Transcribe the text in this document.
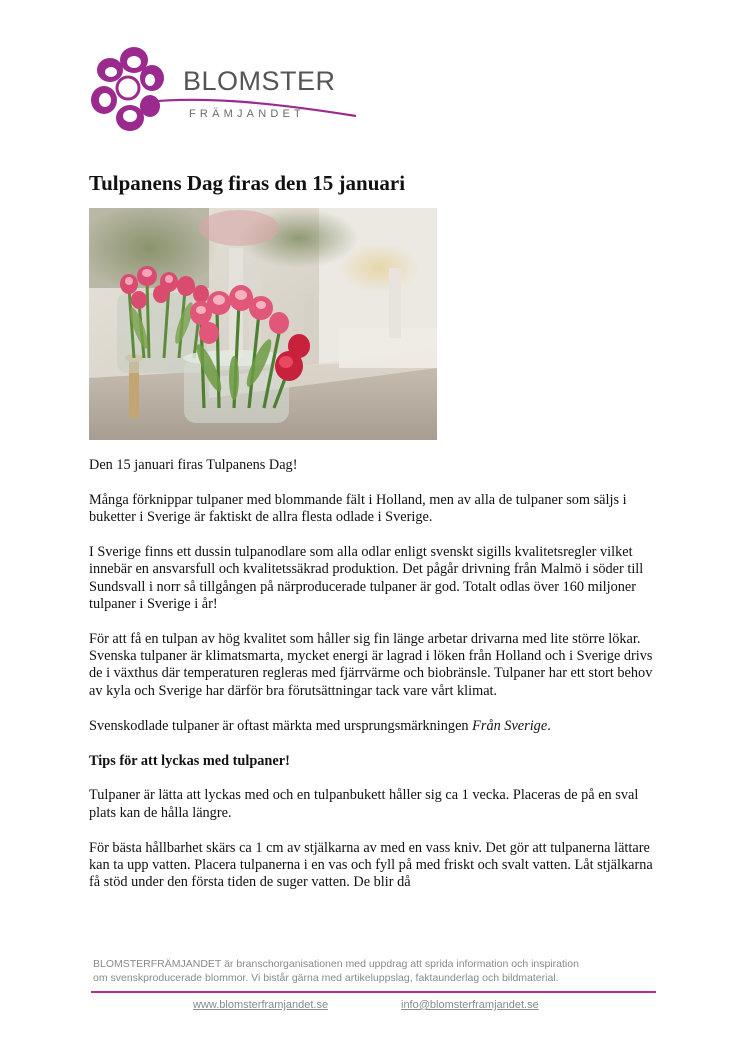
BLOMSTER
FRÄMJANDET
Tulpanens Dag firas den 15 januari

Den 15 januari firas Tulpanens Dag!

Många förknippar tulpaner med blommande fält i Holland, men av alla de tulpaner som säljs i buketter i Sverige är faktiskt de allra flesta odlade i Sverige.

I Sverige finns ett dussin tulpanodlare som alla odlar enligt svenskt sigills kvalitetsregler vilket innebär en ansvarsfull och kvalitetssäkrad produktion. Det pågår drivning från Malmö i söder till Sundsvall i norr så tillgången på närproducerade tulpaner är god. Totalt odlas över 160 miljoner tulpaner i Sverige i år!

För att få en tulpan av hög kvalitet som håller sig fin länge arbetar drivarna med lite större lökar. Svenska tulpaner är klimatsmarta, mycket energi är lagrad i löken från Holland och i Sverige drivs de i växthus där temperaturen regleras med fjärrvärme och biobränsle. Tulpaner har ett stort behov av kyla och Sverige har därför bra förutsättningar tack vare vårt klimat.

Svenskodlade tulpaner är oftast märkta med ursprungsmärkningen Från Sverige.

Tips för att lyckas med tulpaner!

Tulpaner är lätta att lyckas med och en tulpanbukett håller sig ca 1 vecka. Placeras de på en sval plats kan de hålla längre.

För bästa hållbarhet skärs ca 1 cm av stjälkarna av med en vass kniv. Det gör att tulpanerna lättare kan ta upp vatten. Placera tulpanerna i en vas och fyll på med friskt och svalt vatten. Låt stjälkarna få stöd under den första tiden de suger vatten. De blir då

BLOMSTERFRÄMJANDET är branschorganisationen med uppdrag att sprida information och inspiration
om svenskproducerade blommor. Vi bistår gärna med artikeluppslag, faktaunderlag och bildmaterial.
www.blomsterframjandet.se	info@blomsterframjandet.se
